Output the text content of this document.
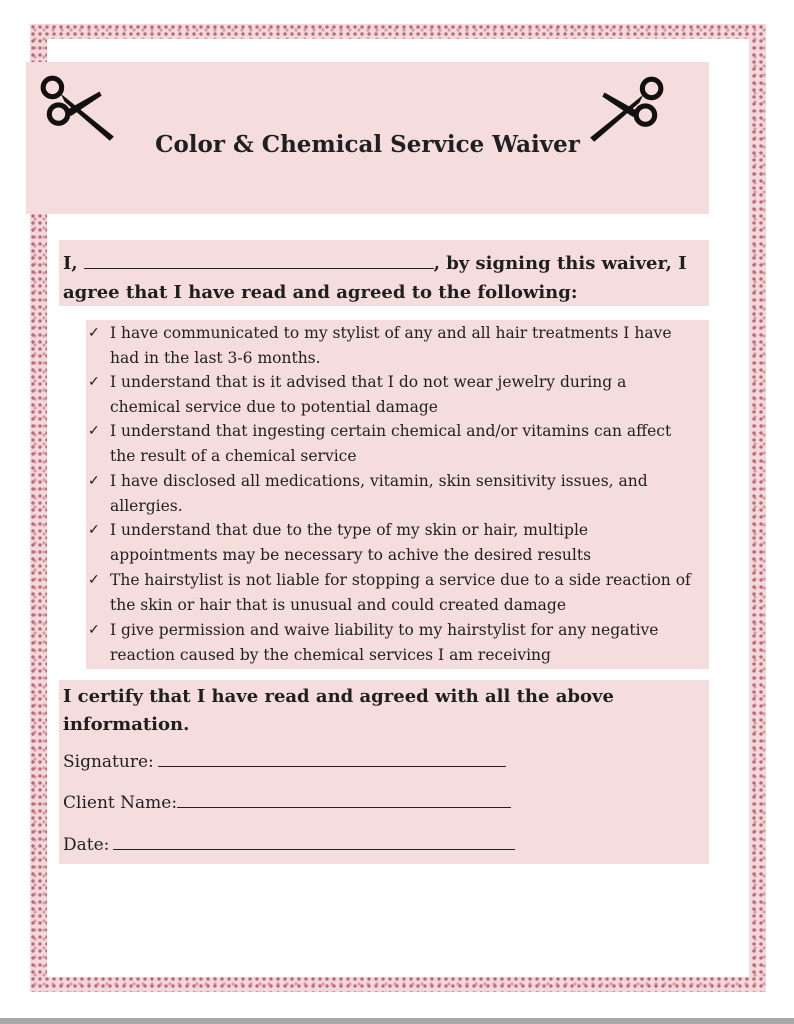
Color & Chemical Service Waiver
I,	, by signing this waiver, I
agree that I have read and agreed to the following:
✓ I have communicated to my stylist of any and all hair treatments I have
had in the last 3-6 months.
✓ I understand that is it advised that I do not wear jewelry during a
chemical service due to potential damage
✓ I understand that ingesting certain chemical and/or vitamins can affect
the result of a chemical service
✓ I have disclosed all medications, vitamin, skin sensitivity issues, and
allergies.
✓ I understand that due to the type of my skin or hair, multiple
appointments may be necessary to achive the desired results
✓ The hairstylist is not liable for stopping a service due to a side reaction of
the skin or hair that is unusual and could created damage
✓ I give permission and waive liability to my hairstylist for any negative
reaction caused by the chemical services I am receiving
I certify that I have read and agreed with all the above information.
Signature:
Client Name:
Date:
